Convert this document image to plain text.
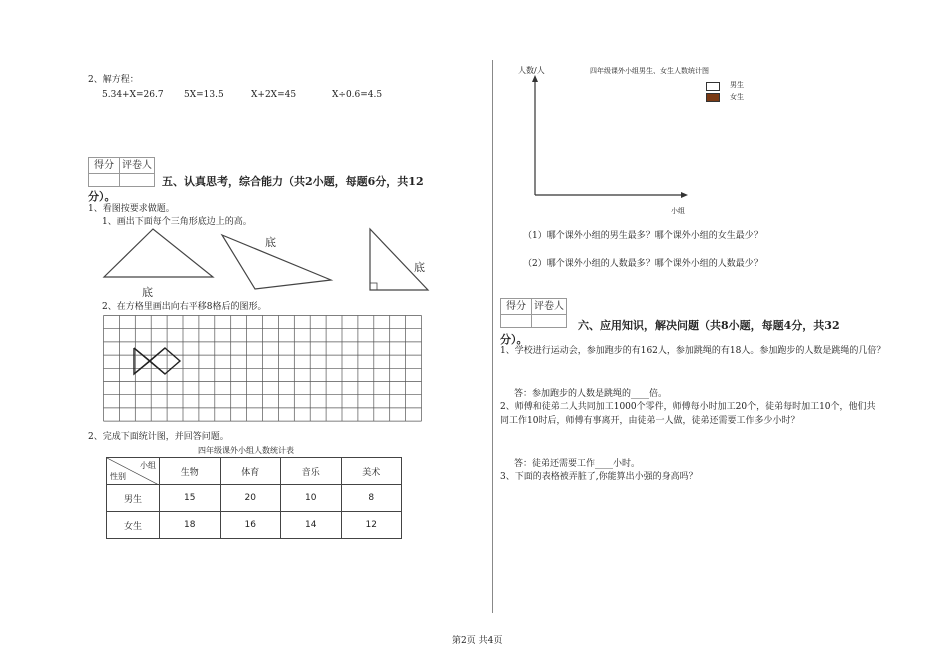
2、解方程：
5.34+X=26.7 5X=13.5	X+2X=45	X÷0.6=4.5
得分 评卷人
五、认真思考，综合能力（共2小题，每题6分，共12
分）。
1、看图按要求做题。
1、画出下面每个三角形底边上的高。
底
底
底
2、在方格里画出向右平移8格后的图形。
2、完成下面统计图，并回答问题。
四年级课外小组人数统计表
小组
性别	生物	体育	音乐	美术
男生	15	20	10	8
女生	18	16	14	12
人数/人	四年级课外小组男生、女生人数统计图
小组
男生
女生
（1）哪个课外小组的男生最多？哪个课外小组的女生最少？
（2）哪个课外小组的人数最多？哪个课外小组的人数最少？
得分 评卷人
六、应用知识，解决问题（共8小题，每题4分，共32
分）。
1、学校进行运动会，参加跑步的有162人，参加跳绳的有18人。参加跑步的人数是跳绳的几倍？
答：参加跑步的人数是跳绳的____倍。
2、师傅和徒弟二人共同加工1000个零件，师傅每小时加工20个，徒弟每时加工10个，他们共
同工作10时后，师傅有事离开，由徒弟一人做，徒弟还需要工作多少小时？
答：徒弟还需要工作____小时。
3、下面的表格被弄脏了,你能算出小强的身高吗？
第2页 共4页
